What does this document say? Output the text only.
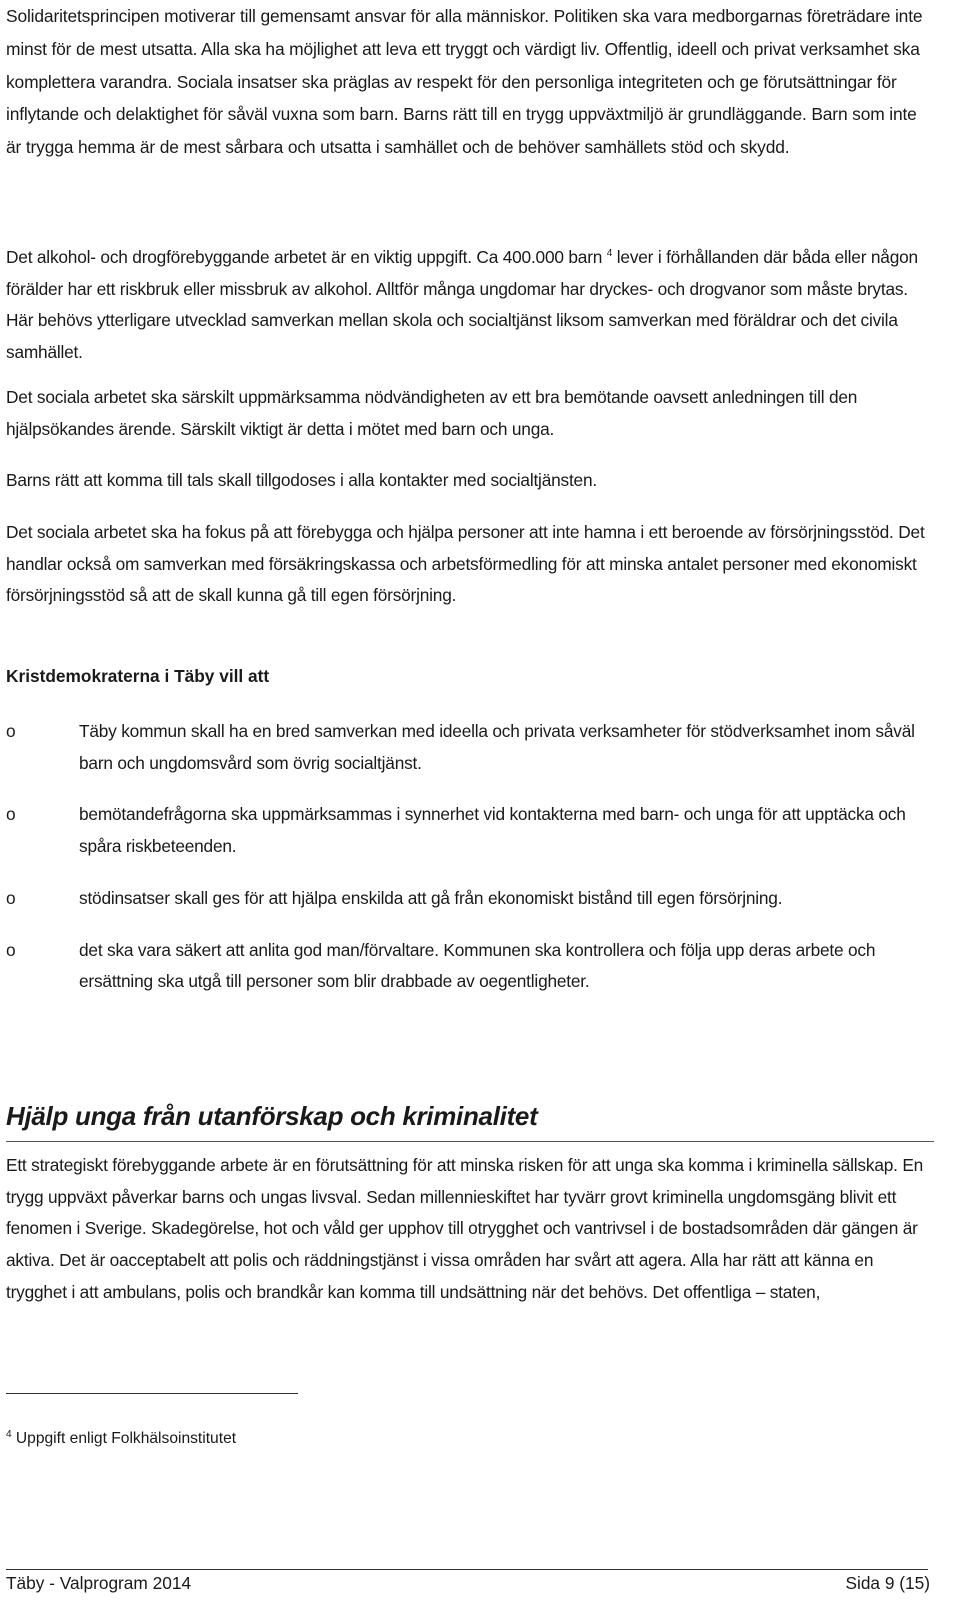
Solidaritetsprincipen motiverar till gemensamt ansvar för alla människor. Politiken ska vara medborgarnas företrädare inte minst för de mest utsatta. Alla ska ha möjlighet att leva ett tryggt och värdigt liv. Offentlig, ideell och privat verksamhet ska komplettera varandra. Sociala insatser ska präglas av respekt för den personliga integriteten och ge förutsättningar för inflytande och delaktighet för såväl vuxna som barn. Barns rätt till en trygg uppväxtmiljö är grundläggande. Barn som inte är trygga hemma är de mest sårbara och utsatta i samhället och de behöver samhällets stöd och skydd.

Det alkohol- och drogförebyggande arbetet är en viktig uppgift. Ca 400.000 barn $^4$ lever i förhållanden där båda eller någon förälder har ett riskbruk eller missbruk av alkohol. Alltför många ungdomar har dryckes- och drogvanor som måste brytas. Här behövs ytterligare utvecklad samverkan mellan skola och socialtjänst liksom samverkan med föräldrar och det civila samhället.

Det sociala arbetet ska särskilt uppmärksamma nödvändigheten av ett bra bemötande oavsett anledningen till den hjälpsökandes ärende. Särskilt viktigt är detta i mötet med barn och unga.

Barns rätt att komma till tals skall tillgodoses i alla kontakter med socialtjänsten.

Det sociala arbetet ska ha fokus på att förebygga och hjälpa personer att inte hamna i ett beroende av försörjningsstöd. Det handlar också om samverkan med försäkringskassa och arbetsförmedling för att minska antalet personer med ekonomiskt försörjningsstöd så att de skall kunna gå till egen försörjning.

Kristdemokraterna i Täby vill att

o	Täby kommun skall ha en bred samverkan med ideella och privata verksamheter för stödverksamhet inom såväl barn och ungdomsvård som övrig socialtjänst.
o	bemötandefrågorna ska uppmärksammas i synnerhet vid kontakterna med barn- och unga för att upptäcka och spåra riskbeteenden.
o	stödinsatser skall ges för att hjälpa enskilda att gå från ekonomiskt bistånd till egen försörjning.
o	det ska vara säkert att anlita god man/förvaltare. Kommunen ska kontrollera och följa upp deras arbete och ersättning ska utgå till personer som blir drabbade av oegentligheter.
Hjälp unga från utanförskap och kriminalitet

Ett strategiskt förebyggande arbete är en förutsättning för att minska risken för att unga ska komma i kriminella sällskap. En trygg uppväxt påverkar barns och ungas livsval. Sedan millennieskiftet har tyvärr grovt kriminella ungdomsgäng blivit ett fenomen i Sverige. Skadegörelse, hot och våld ger upphov till otrygghet och vantrivsel i de bostadsområden där gängen är aktiva. Det är oacceptabelt att polis och räddningstjänst i vissa områden har svårt att agera. Alla har rätt att känna en trygghet i att ambulans, polis och brandkår kan komma till undsättning när det behövs. Det offentliga – staten,

$^4$ Uppgift enligt Folkhälsoinstitutet
Täby - Valprogram 2014	Sida 9 (15)
